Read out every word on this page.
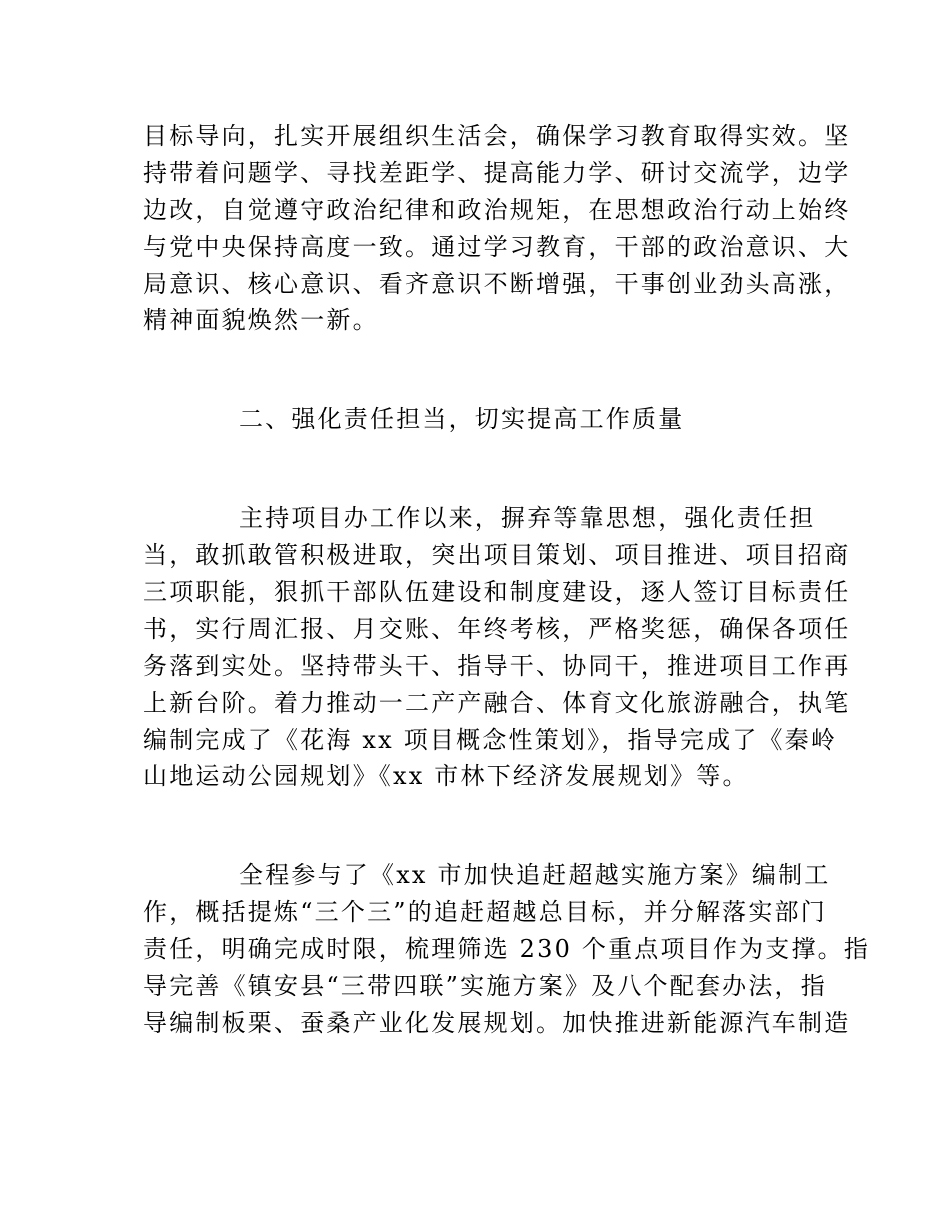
目标导向，扎实开展组织生活会，确保学习教育取得实效。坚
持带着问题学、寻找差距学、提高能力学、研讨交流学，边学
边改，自觉遵守政治纪律和政治规矩，在思想政治行动上始终
与党中央保持高度一致。通过学习教育，干部的政治意识、大
局意识、核心意识、看齐意识不断增强，干事创业劲头高涨，
精神面貌焕然一新。
二、强化责任担当，切实提高工作质量
主持项目办工作以来，摒弃等靠思想，强化责任担
当，敢抓敢管积极进取，突出项目策划、项目推进、项目招商
三项职能，狠抓干部队伍建设和制度建设，逐人签订目标责任
书，实行周汇报、月交账、年终考核，严格奖惩，确保各项任
务落到实处。坚持带头干、指导干、协同干，推进项目工作再
上新台阶。着力推动一二产产融合、体育文化旅游融合，执笔
编制完成了《花海 xx 项目概念性策划》，指导完成了《秦岭
山地运动公园规划》《xx 市林下经济发展规划》等。
全程参与了《xx 市加快追赶超越实施方案》编制工
作，概括提炼“三个三”的追赶超越总目标，并分解落实部门
责任，明确完成时限，梳理筛选 230 个重点项目作为支撑。指
导完善《镇安县“三带四联”实施方案》及八个配套办法，指
导编制板栗、蚕桑产业化发展规划。加快推进新能源汽车制造
